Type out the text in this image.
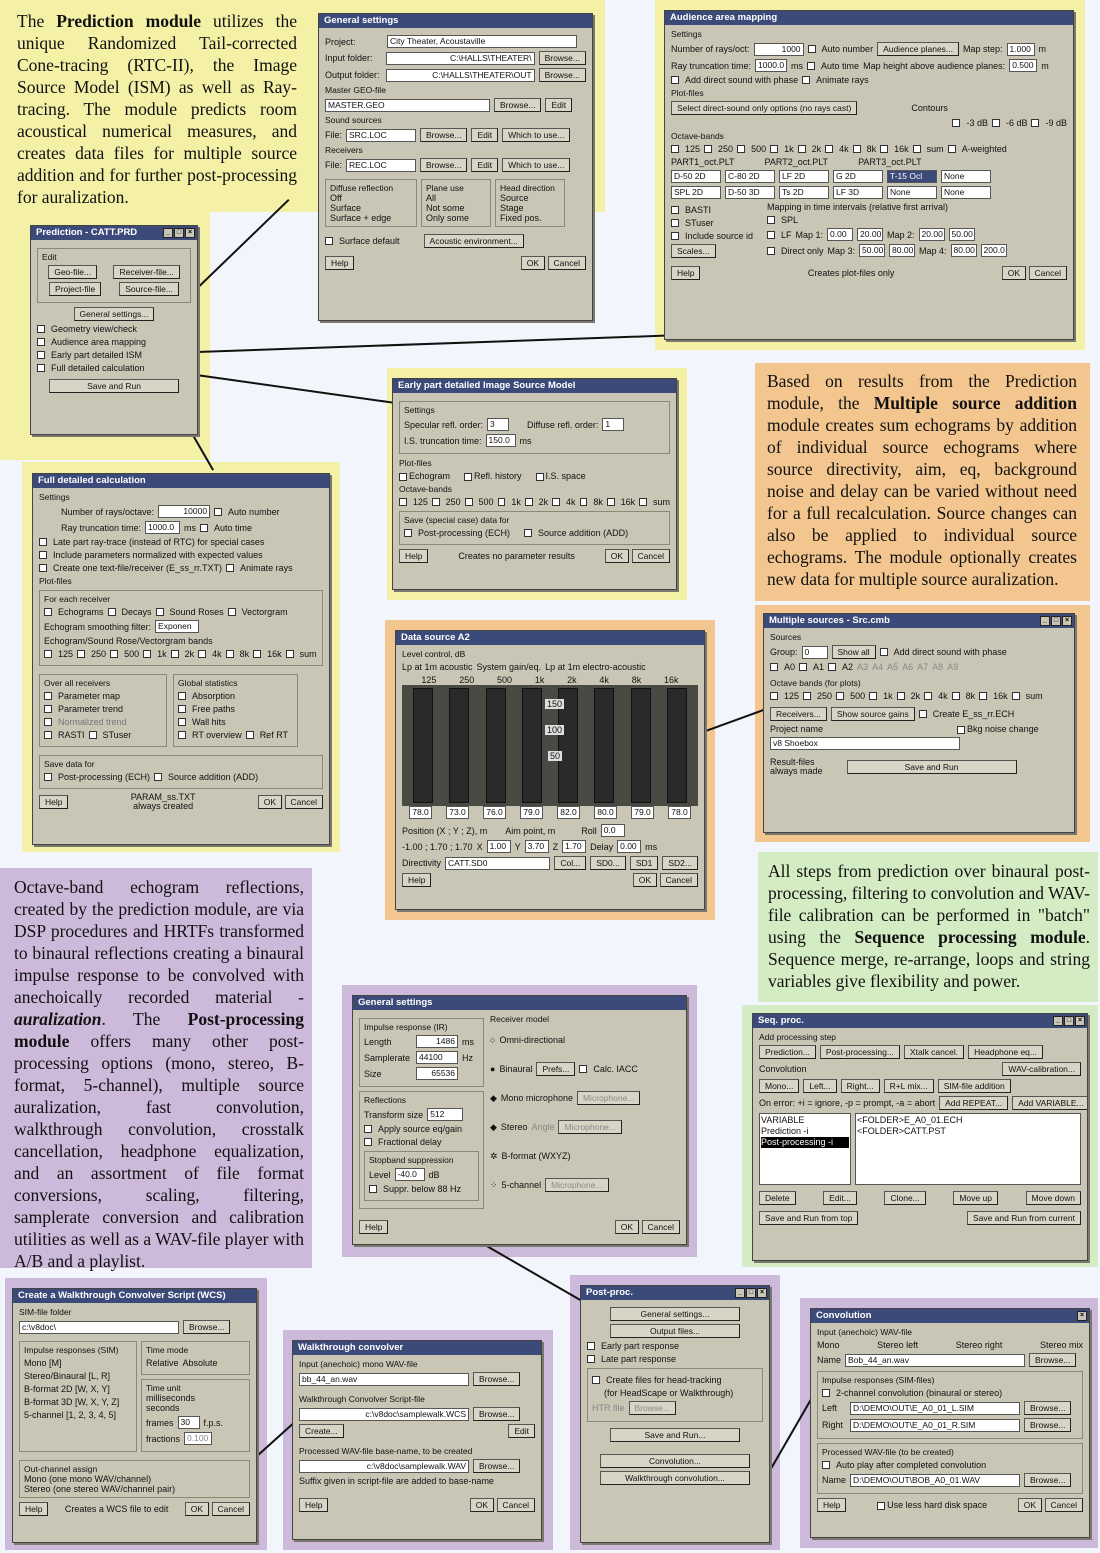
The Prediction module utilizes the unique Randomized Tail-corrected Cone-tracing (RTC-II), the Image Source Model (ISM) as well as Ray-tracing. The module predicts room acoustical numerical measures, and creates data files for multiple source addition and for further post-processing for auralization.
Based on results from the Prediction module, the Multiple source addition module creates sum echograms by addition of individual source echograms where source directivity, aim, eq, background noise and delay can be varied without need for a full recalculation. Source changes can also be applied to individual source echograms. The module optionally creates new data for multiple source auralization.
All steps from prediction over binaural post-processing, filtering to convolution and WAV-file calibration can be performed in "batch" using the Sequence processing module. Sequence merge, re-arrange, loops and string variables give flexibility and power.
Octave-band echogram reflections, created by the prediction module, are via DSP procedures and HRTFs transformed to binaural reflections creating a binaural impulse response to be convolved with anechoically recorded material - auralization. The Post-processing module offers many other post-processing options (mono, stereo, B-format, 5-channel), multiple source auralization, fast convolution, walkthrough convolution, crosstalk cancellation, headphone equalization, and an assortment of file format conversions, scaling, filtering, samplerate conversion and calibration utilities as well as a WAV-file player with A/B and a playlist.
General settings
Project:	City Theater, Acoustaville
Input folder:	C:\HALLS\THEATER\	Browse...
Output folder:	C:\HALLS\THEATER\OUT	Browse...
Master GEO-file
MASTER.GEO	Browse...	Edit
Sound sources
File: SRC.LOC	Browse...	Edit	Which to use...
Receivers
File: REC.LOC	Browse...	Edit	Which to use...
Diffuse reflection
Off
Surface
Surface + edge
Plane use
All
Not some
Only some
Head direction
Source
Stage
Fixed pos.
Surface default	Acoustic environment...
Help	OK Cancel
Audience area mapping
Settings
Number of rays/oct:	1000	Auto number	Audience planes...	Map step: 1.000 m
Ray truncation time: 1000.0 ms Auto time Map height above audience planes: 0.500 m
Add direct sound with phase Animate rays
Plot-files
Select direct-sound only options (no rays cast)	Contours
-3 dB -6 dB -9 dB
Octave-bands
125 250 500 1k 2k 4k 8k 16k sum A-weighted
PART1_oct.PLT	PART2_oct.PLT	PART3_oct.PLT
D-50 2D	C-80 2D	LF 2D	G 2D	T-15 Ocl	None
SPL 2D	D-50 3D	Ts 2D	LF 3D	None	None
BASTI
STuser
Include source id
Scales...
Mapping in time intervals (relative first arrival)
SPL
LF Map 1: 0.00	20.00 Map 2: 20.00	50.00
Direct only Map 3: 50.00	80.00 Map 4: 80.00	200.0
Help	Creates plot-files only	OK Cancel
Prediction - CATT.PRD	_ □ ×
Edit
Geo-file...	Receiver-file...
Project-file	Source-file...
General settings...
Geometry view/check
Audience area mapping
Early part detailed ISM
Full detailed calculation
Save and Run	Early part detailed Image Source Model
Settings
Specular refl. order: 3	Diffuse refl. order: 1
I.S. truncation time: 150.0	ms
Plot-files
Echogram	Refl. history	I.S. space
Octave-bands
125 250 500 1k 2k 4k 8k 16k sum
Save (special case) data for
Post-processing (ECH)	Source addition (ADD)
Help	Creates no parameter results	OK Cancel
Full detailed calculation
Settings
Number of rays/octave:	10000	Auto number
Ray truncation time: 1000.0	ms Auto time
Late part ray-trace (instead of RTC) for special cases
Include parameters normalized with expected values
Create one text-file/receiver (E_ss_rr.TXT) Animate rays
Plot-files
For each receiver
Echograms Decays Sound Roses Vectorgram
Echogram smoothing filter: Exponen
Echogram/Sound Rose/Vectorgram bands
125 250 500 1k 2k 4k 8k 16k sum
Over all receivers
Parameter map
Parameter trend
Normalized trend
RASTI STuser
Global statistics
Absorption
Free paths
Wall hits
RT overview Ref RT
Save data for
Post-processing (ECH) Source addition (ADD)
Help	PARAM_ss.TXT
always created	OK Cancel
Data source A2
Level control, dB
Lp at 1m acoustic System gain/eq. Lp at 1m electro-acoustic
125	250	500	1k	2k	4k	8k	16k
150
100
50
78.0	73.0	76.0	79.0	82.0	80.0	79.0	78.0
Position (X ; Y ; Z), m Aim point, m	Roll 0.0
-1.00 ; 1.70 ; 1.70 X 1.00 Y 3.70 Z 1.70 Delay 0.00 ms
Directivity CATT.SD0	Col...	SD0...	SD1	SD2...
Help	OK Cancel
Multiple sources - Src.cmb	_ □ ×
Sources
Group: 0	Show all	Add direct sound with phase
A0 A1 A2 A3 A4 A5 A6 A7 A8 A9
Octave bands (for plots)
125 250 500 1k 2k 4k 8k 16k sum
Receivers...	Show source gains	Create E_ss_rr.ECH
Project name	Bkg noise change
v8 Shoebox
Result-files
always made	Save and Run
General settings
Impulse response (IR)
Length	1486 ms
Samplerate	44100	Hz
Size	65536
Reflections
Transform size 512
Apply source eq/gain
Fractional delay
Stopband suppression
Level -40.0	dB
Suppr. below 88 Hz
Receiver model
○ Omni-directional
● Binaural	Prefs...	Calc. IACC
◆ Mono microphone	Microphone...
◆ Stereo Angle	Microphone...
✲ B-format (WXYZ)
⁘ 5-channel	Microphone...
Help	OK Cancel
Seq. proc.	_ □ ×
Add processing step
Prediction...	Post-processing...	Xtalk cancel.	Headphone eq...
Convolution	WAV-calibration...
Mono...	Left...	Right...	R+L mix...	SIM-file addition
On error: +i = ignore, -p = prompt, -a = abort	Add REPEAT...	Add VARIABLE...
VARIABLE
Prediction -i
Post-processing -i
<FOLDER>E_A0_01.ECH
<FOLDER>CATT.PST
Delete	Edit...	Clone...	Move up	Move down
Save and Run from top	Save and Run from current
Create a Walkthrough Convolver Script (WCS)
SIM-file folder
c:\v8doc\	Browse...
Impulse responses (SIM)
Mono [M]
Stereo/Binaural [L, R]
B-format 2D [W, X, Y]
B-format 3D [W, X, Y, Z]
5-channel [1, 2, 3, 4, 5]
Time mode
Relative Absolute
Time unit
milliseconds
seconds
frames 30	f.p.s.
fractions 0.100
Out-channel assign
Mono (one mono WAV/channel)
Stereo (one stereo WAV/channel pair)
Help	Creates a WCS file to edit	OK Cancel
Walkthrough convolver
Input (anechoic) mono WAV-file
bb_44_an.wav	Browse...
Walkthrough Convolver Script-file
c:\v8doc\samplewalk.WCS	Browse...
Create...	Edit
Processed WAV-file base-name, to be created
c:\v8doc\samplewalk.WAV	Browse...
Suffix given in script-file are added to base-name
Help	OK Cancel
Post-proc.	_ □ ×
General settings...
Output files...
Early part response
Late part response
Create files for head-tracking
(for HeadScape or Walkthrough)
HTR file	Browse...
Save and Run...
Convolution...
Walkthrough convolution...
Convolution	×
Input (anechoic) WAV-file
Mono	Stereo left	Stereo right	Stereo mix
Name Bob_44_an.wav	Browse...
Impulse responses (SIM-files)
2-channel convolution (binaural or stereo)
Left	D:\DEMO\OUT\E_A0_01_L.SIM	Browse...
Right	D:\DEMO\OUT\E_A0_01_R.SIM	Browse...
Processed WAV-file (to be created)
Auto play after completed convolution
Name D:\DEMO\OUT\BOB_A0_01.WAV	Browse...
Help	Use less hard disk space	OK Cancel
